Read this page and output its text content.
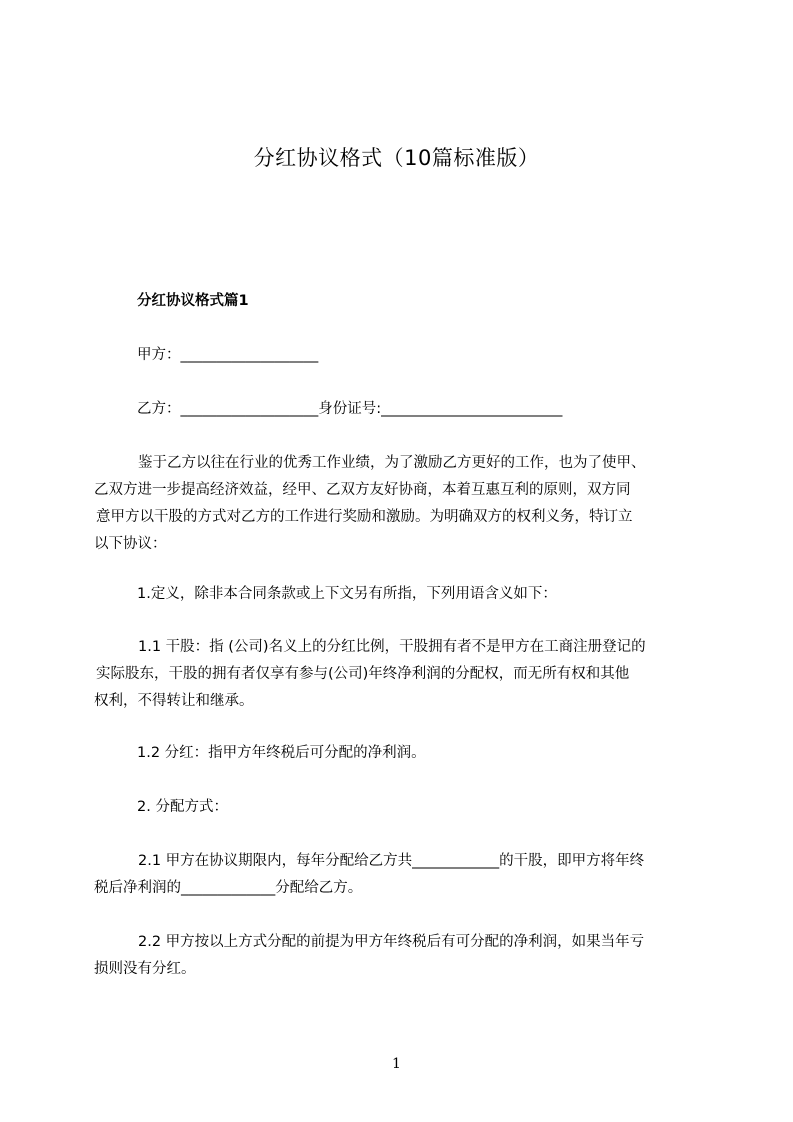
分红协议格式（10篇标准版）
分红协议格式篇1
甲方：___________________
乙方：___________________身份证号:_________________________
鉴于乙方以往在行业的优秀工作业绩，为了激励乙方更好的工作，也为了使甲、
乙双方进一步提高经济效益，经甲、乙双方友好协商，本着互惠互利的原则，双方同
意甲方以干股的方式对乙方的工作进行奖励和激励。为明确双方的权利义务，特订立
以下协议：
1.定义，除非本合同条款或上下文另有所指，下列用语含义如下：
1.1 干股：指 (公司)名义上的分红比例，干股拥有者不是甲方在工商注册登记的
实际股东，干股的拥有者仅享有参与(公司)年终净利润的分配权，而无所有权和其他
权利，不得转让和继承。
1.2 分红：指甲方年终税后可分配的净利润。
2. 分配方式：
2.1 甲方在协议期限内，每年分配给乙方共____________的干股，即甲方将年终
税后净利润的_____________分配给乙方。
2.2 甲方按以上方式分配的前提为甲方年终税后有可分配的净利润，如果当年亏
损则没有分红。
1
